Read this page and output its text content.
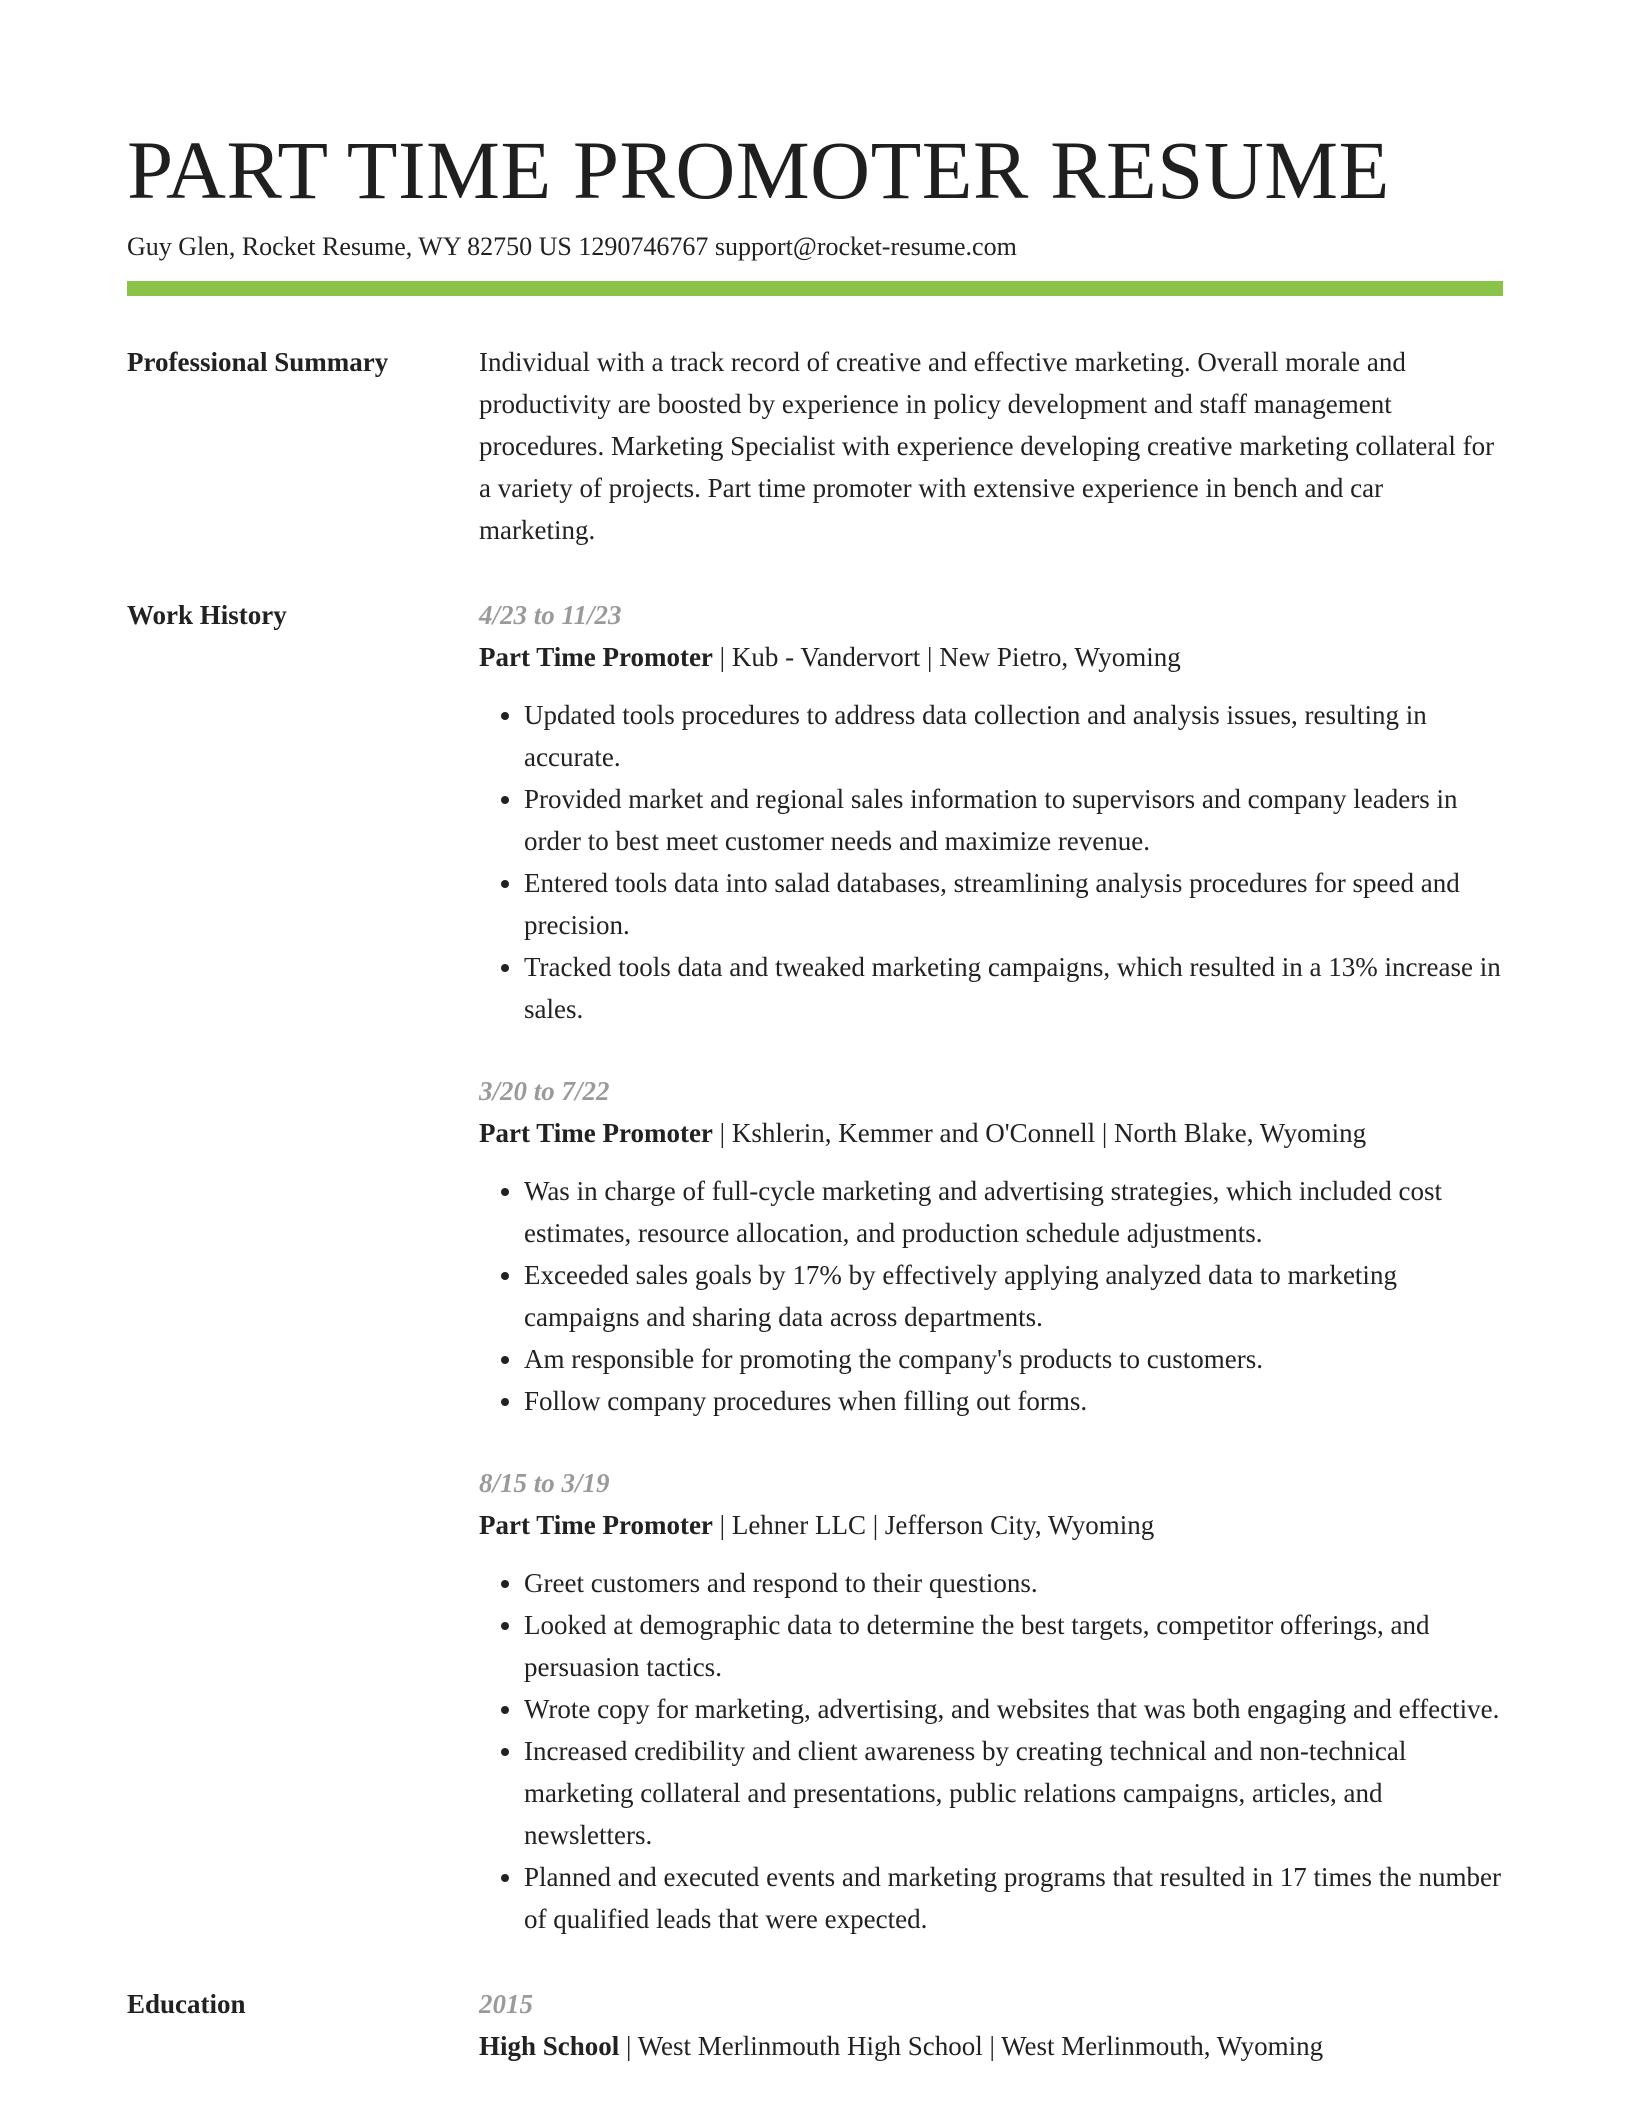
PART TIME PROMOTER RESUME
Guy Glen, Rocket Resume, WY 82750 US 1290746767 support@rocket-resume.com
Professional Summary	Individual with a track record of creative and effective marketing. Overall morale and productivity are boosted by experience in policy development and staff management procedures. Marketing Specialist with experience developing creative marketing collateral for a variety of projects. Part time promoter with extensive experience in bench and car marketing.

Work History	4/23 to 11/23
Part Time Promoter | Kub - Vandervort | New Pietro, Wyoming
• Updated tools procedures to address data collection and analysis issues, resulting in accurate.
• Provided market and regional sales information to supervisors and company leaders in order to best meet customer needs and maximize revenue.
• Entered tools data into salad databases, streamlining analysis procedures for speed and precision.
• Tracked tools data and tweaked marketing campaigns, which resulted in a 13% increase in sales.
3/20 to 7/22
Part Time Promoter | Kshlerin, Kemmer and O'Connell | North Blake, Wyoming
• Was in charge of full-cycle marketing and advertising strategies, which included cost estimates, resource allocation, and production schedule adjustments.
• Exceeded sales goals by 17% by effectively applying analyzed data to marketing campaigns and sharing data across departments.
• Am responsible for promoting the company's products to customers.
• Follow company procedures when filling out forms.
8/15 to 3/19
Part Time Promoter | Lehner LLC | Jefferson City, Wyoming
• Greet customers and respond to their questions.
• Looked at demographic data to determine the best targets, competitor offerings, and persuasion tactics.
• Wrote copy for marketing, advertising, and websites that was both engaging and effective.
• Increased credibility and client awareness by creating technical and non-technical marketing collateral and presentations, public relations campaigns, articles, and newsletters.
• Planned and executed events and marketing programs that resulted in 17 times the number of qualified leads that were expected.
Education	2015
High School | West Merlinmouth High School | West Merlinmouth, Wyoming
